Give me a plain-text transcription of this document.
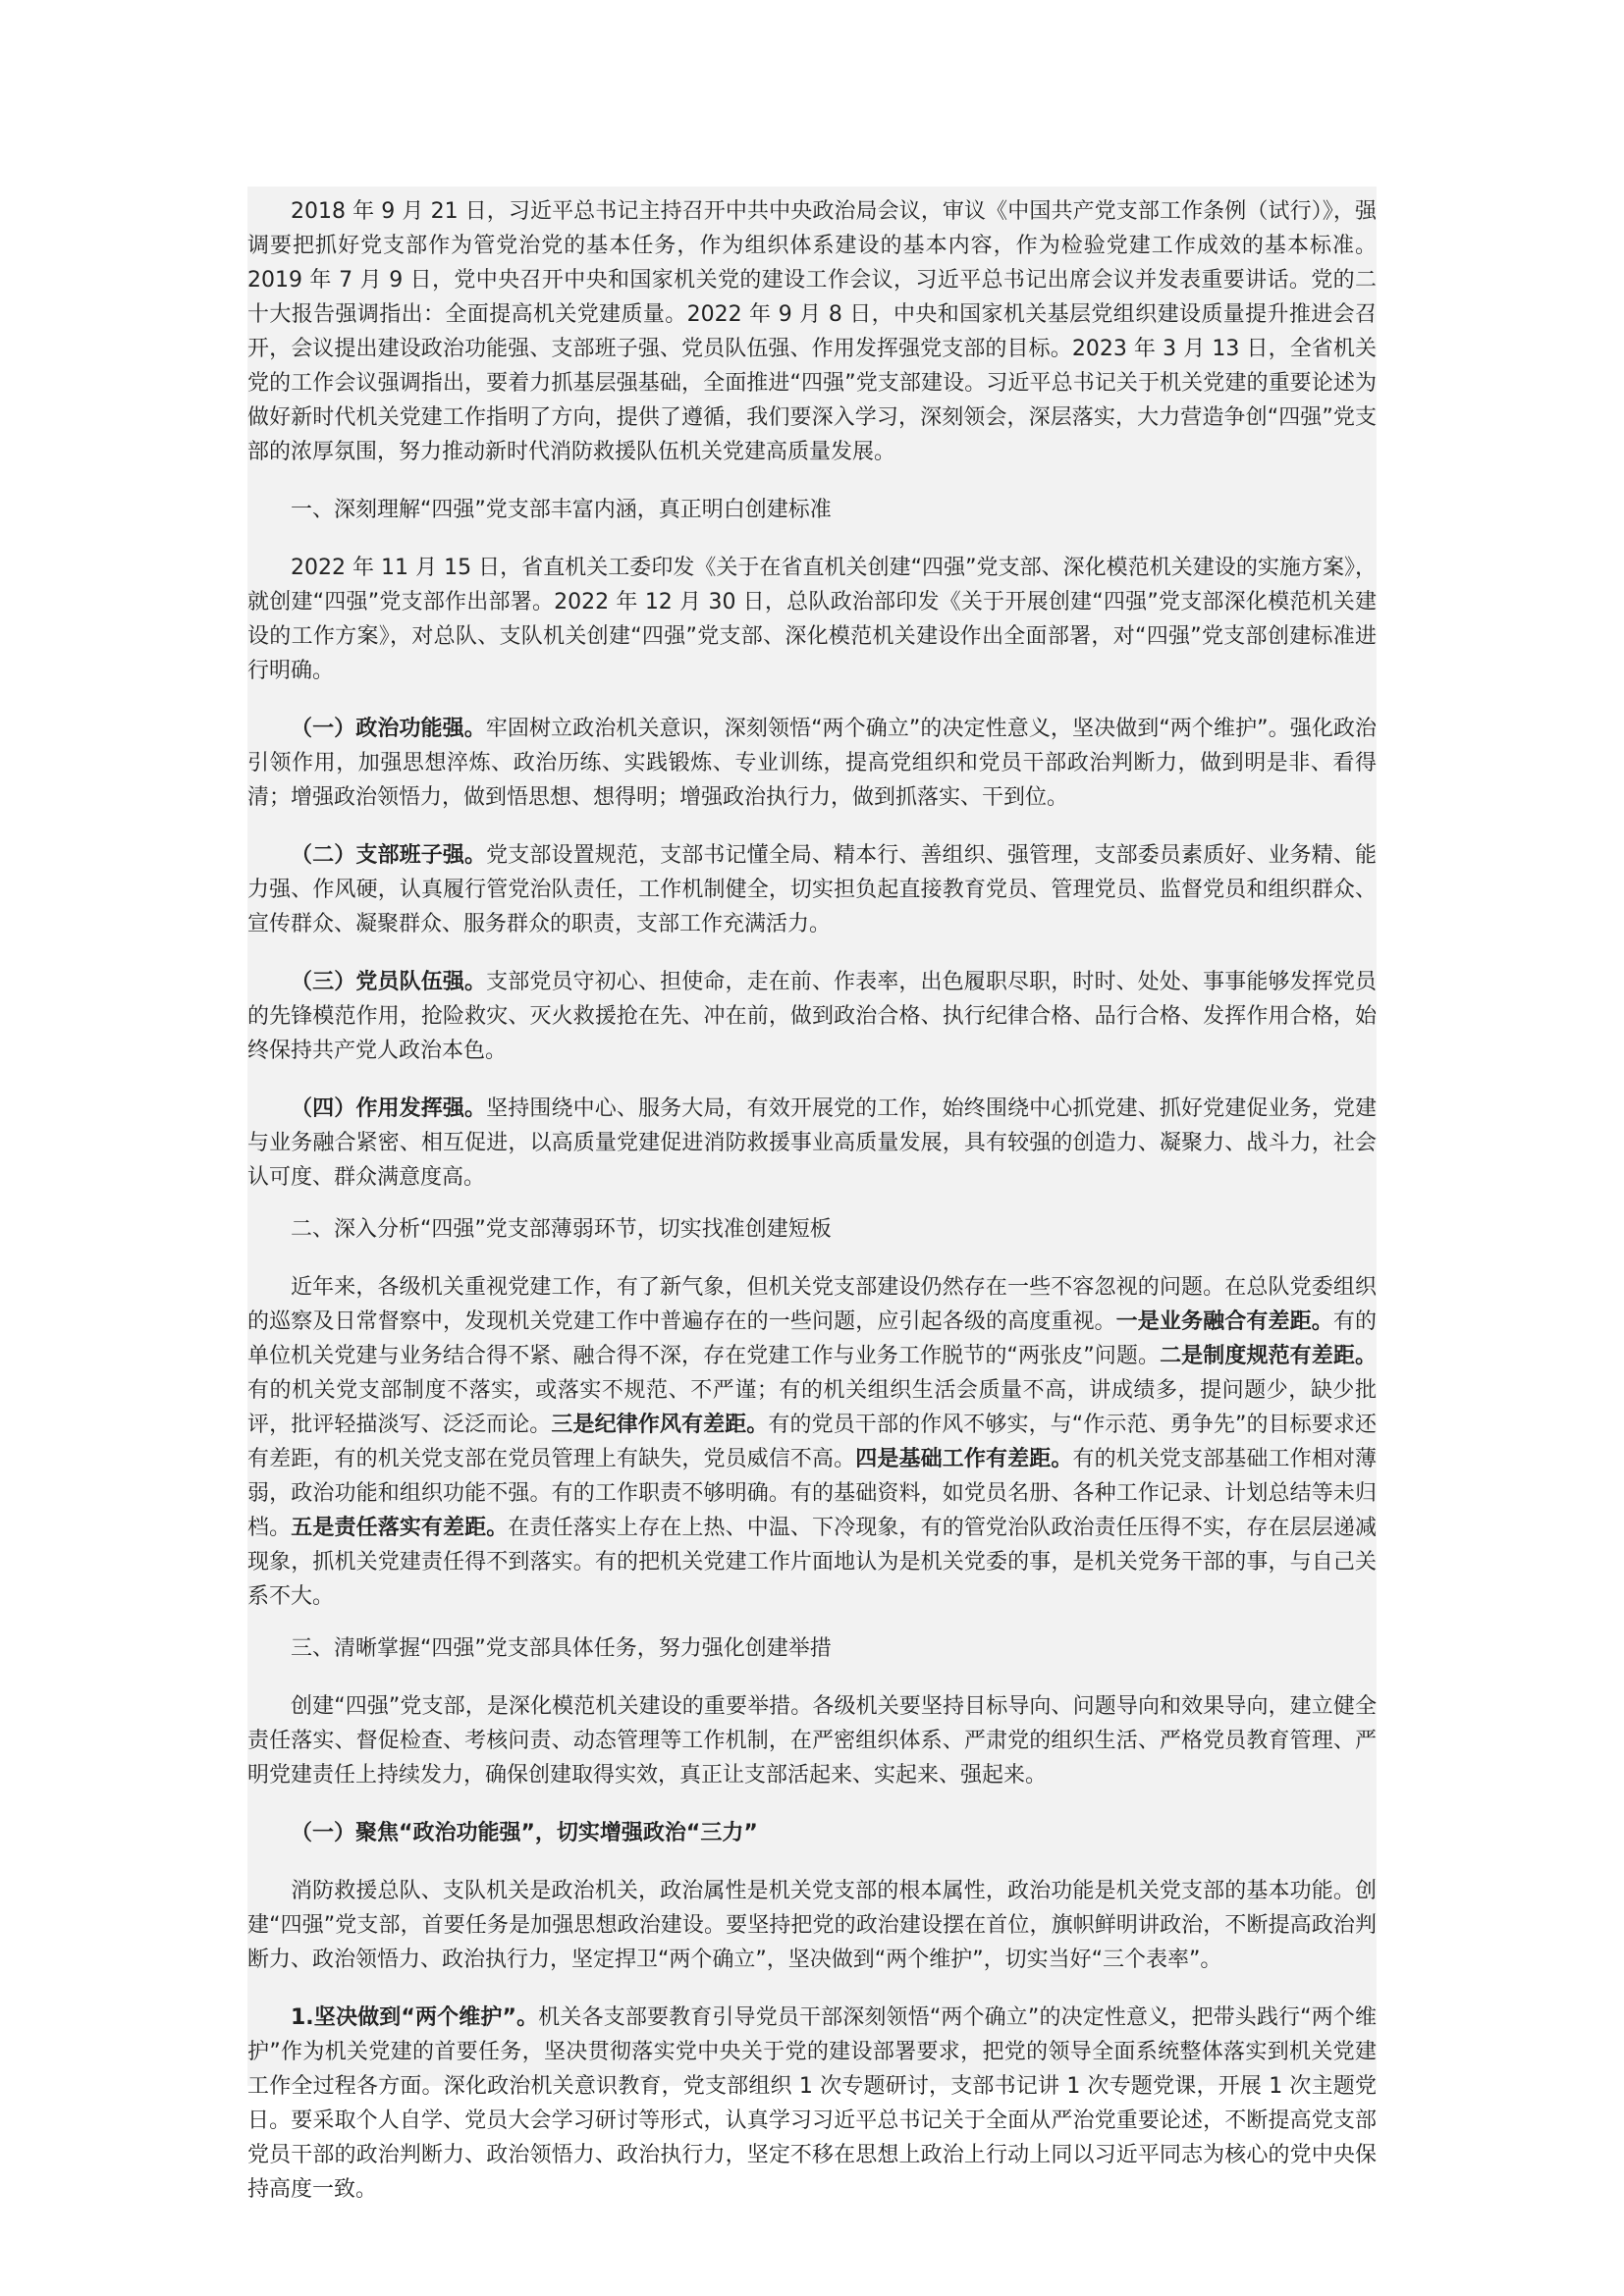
2018 年 9 月 21 日，习近平总书记主持召开中共中央政治局会议，审议《中国共产党支部工作条例（试行）》，强调要把抓好党支部作为管党治党的基本任务，作为组织体系建设的基本内容，作为检验党建工作成效的基本标准。2019 年 7 月 9 日，党中央召开中央和国家机关党的建设工作会议，习近平总书记出席会议并发表重要讲话。党的二十大报告强调指出：全面提高机关党建质量。2022 年 9 月 8 日，中央和国家机关基层党组织建设质量提升推进会召开，会议提出建设政治功能强、支部班子强、党员队伍强、作用发挥强党支部的目标。2023 年 3 月 13 日，全省机关党的工作会议强调指出，要着力抓基层强基础，全面推进“四强”党支部建设。习近平总书记关于机关党建的重要论述为做好新时代机关党建工作指明了方向，提供了遵循，我们要深入学习，深刻领会，深层落实，大力营造争创“四强”党支部的浓厚氛围，努力推动新时代消防救援队伍机关党建高质量发展。

一、深刻理解“四强”党支部丰富内涵，真正明白创建标准

2022 年 11 月 15 日，省直机关工委印发《关于在省直机关创建“四强”党支部、深化模范机关建设的实施方案》，就创建“四强”党支部作出部署。2022 年 12 月 30 日，总队政治部印发《关于开展创建“四强”党支部深化模范机关建设的工作方案》，对总队、支队机关创建“四强”党支部、深化模范机关建设作出全面部署，对“四强”党支部创建标准进行明确。

（一）政治功能强。牢固树立政治机关意识，深刻领悟“两个确立”的决定性意义，坚决做到“两个维护”。强化政治引领作用，加强思想淬炼、政治历练、实践锻炼、专业训练，提高党组织和党员干部政治判断力，做到明是非、看得清；增强政治领悟力，做到悟思想、想得明；增强政治执行力，做到抓落实、干到位。

（二）支部班子强。党支部设置规范，支部书记懂全局、精本行、善组织、强管理，支部委员素质好、业务精、能力强、作风硬，认真履行管党治队责任，工作机制健全，切实担负起直接教育党员、管理党员、监督党员和组织群众、宣传群众、凝聚群众、服务群众的职责，支部工作充满活力。

（三）党员队伍强。支部党员守初心、担使命，走在前、作表率，出色履职尽职，时时、处处、事事能够发挥党员的先锋模范作用，抢险救灾、灭火救援抢在先、冲在前，做到政治合格、执行纪律合格、品行合格、发挥作用合格，始终保持共产党人政治本色。

（四）作用发挥强。坚持围绕中心、服务大局，有效开展党的工作，始终围绕中心抓党建、抓好党建促业务，党建与业务融合紧密、相互促进，以高质量党建促进消防救援事业高质量发展，具有较强的创造力、凝聚力、战斗力，社会认可度、群众满意度高。

二、深入分析“四强”党支部薄弱环节，切实找准创建短板

近年来，各级机关重视党建工作，有了新气象，但机关党支部建设仍然存在一些不容忽视的问题。在总队党委组织的巡察及日常督察中，发现机关党建工作中普遍存在的一些问题，应引起各级的高度重视。一是业务融合有差距。有的单位机关党建与业务结合得不紧、融合得不深，存在党建工作与业务工作脱节的“两张皮”问题。二是制度规范有差距。有的机关党支部制度不落实，或落实不规范、不严谨；有的机关组织生活会质量不高，讲成绩多，提问题少，缺少批评，批评轻描淡写、泛泛而论。三是纪律作风有差距。有的党员干部的作风不够实，与“作示范、勇争先”的目标要求还有差距，有的机关党支部在党员管理上有缺失，党员威信不高。四是基础工作有差距。有的机关党支部基础工作相对薄弱，政治功能和组织功能不强。有的工作职责不够明确。有的基础资料，如党员名册、各种工作记录、计划总结等未归档。五是责任落实有差距。在责任落实上存在上热、中温、下冷现象，有的管党治队政治责任压得不实，存在层层递减现象，抓机关党建责任得不到落实。有的把机关党建工作片面地认为是机关党委的事，是机关党务干部的事，与自己关系不大。

三、清晰掌握“四强”党支部具体任务，努力强化创建举措

创建“四强”党支部，是深化模范机关建设的重要举措。各级机关要坚持目标导向、问题导向和效果导向，建立健全责任落实、督促检查、考核问责、动态管理等工作机制，在严密组织体系、严肃党的组织生活、严格党员教育管理、严明党建责任上持续发力，确保创建取得实效，真正让支部活起来、实起来、强起来。

（一）聚焦“政治功能强”，切实增强政治“三力”

消防救援总队、支队机关是政治机关，政治属性是机关党支部的根本属性，政治功能是机关党支部的基本功能。创建“四强”党支部，首要任务是加强思想政治建设。要坚持把党的政治建设摆在首位，旗帜鲜明讲政治，不断提高政治判断力、政治领悟力、政治执行力，坚定捍卫“两个确立”，坚决做到“两个维护”，切实当好“三个表率”。

1.坚决做到“两个维护”。机关各支部要教育引导党员干部深刻领悟“两个确立”的决定性意义，把带头践行“两个维护”作为机关党建的首要任务，坚决贯彻落实党中央关于党的建设部署要求，把党的领导全面系统整体落实到机关党建工作全过程各方面。深化政治机关意识教育，党支部组织 1 次专题研讨，支部书记讲 1 次专题党课，开展 1 次主题党日。要采取个人自学、党员大会学习研讨等形式，认真学习习近平总书记关于全面从严治党重要论述，不断提高党支部党员干部的政治判断力、政治领悟力、政治执行力，坚定不移在思想上政治上行动上同以习近平同志为核心的党中央保持高度一致。
